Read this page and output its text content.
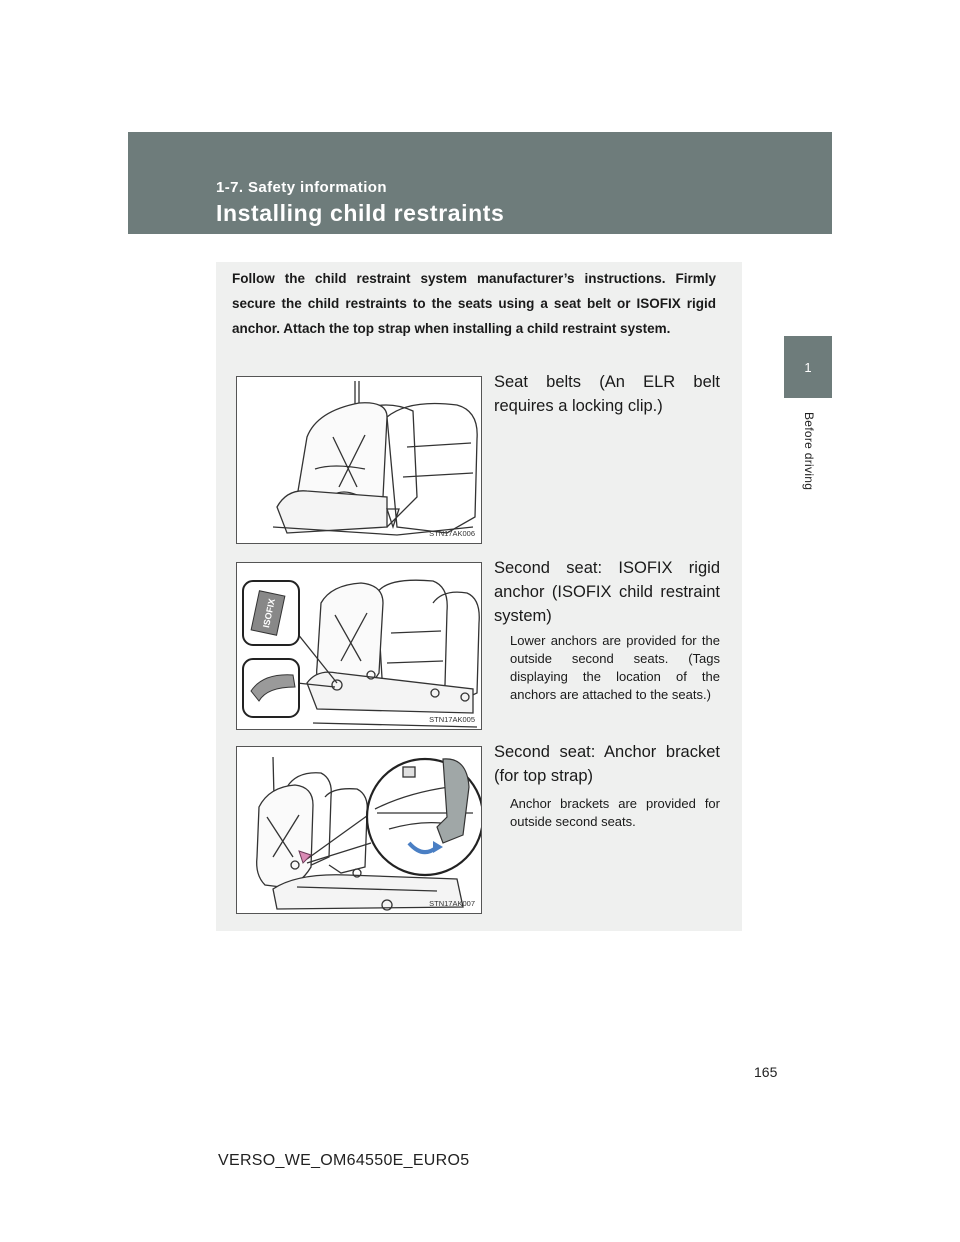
1-7. Safety information
Installing child restraints
1
Before driving
Follow the child restraint system manufacturer’s instructions. Firmly secure the child restraints to the seats using a seat belt or ISOFIX rigid anchor. Attach the top strap when installing a child restraint system.
STN17AK006
Seat belts (An ELR belt requires a locking clip.)
ISOFIX
STN17AK005
Second seat: ISOFIX rigid anchor (ISOFIX child restraint system)
Lower anchors are provided for the outside second seats. (Tags displaying the location of the anchors are attached to the seats.)
STN17AK007
Second seat: Anchor bracket (for top strap)
Anchor brackets are provided for outside second seats.
165
VERSO_WE_OM64550E_EURO5
